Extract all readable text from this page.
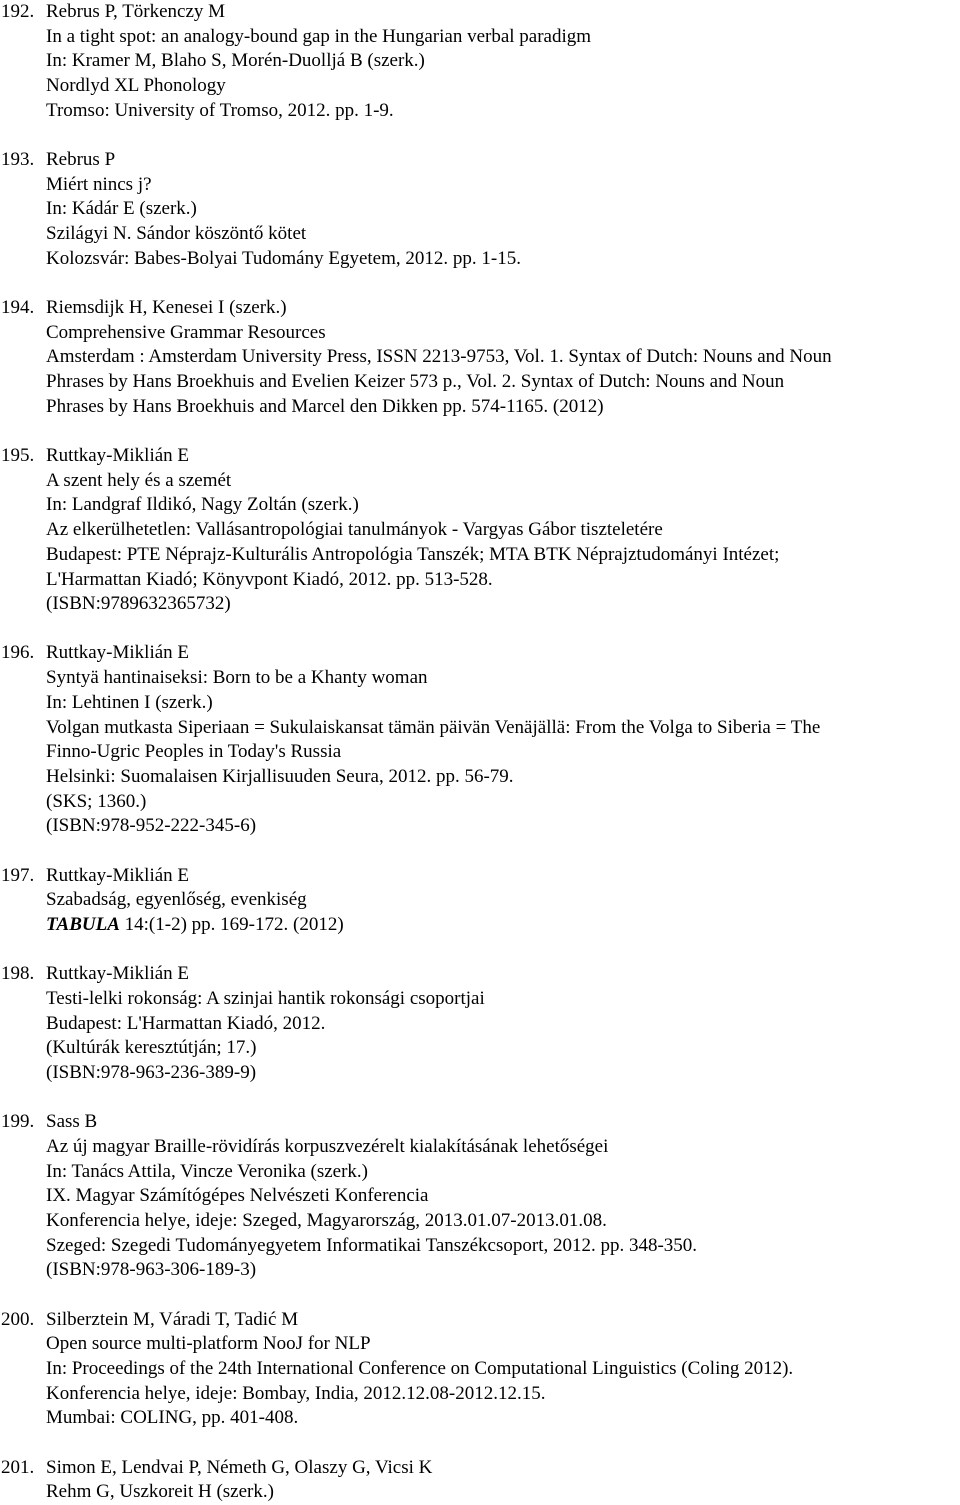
192. Rebrus P, Törkenczy M
In a tight spot: an analogy-bound gap in the Hungarian verbal paradigm
In: Kramer M, Blaho S, Morén-Duolljá B (szerk.)
Nordlyd XL Phonology
Tromso: University of Tromso, 2012. pp. 1-9.
193. Rebrus P
Miért nincs j?
In: Kádár E (szerk.)
Szilágyi N. Sándor köszöntő kötet
Kolozsvár: Babes-Bolyai Tudomány Egyetem, 2012. pp. 1-15.
194. Riemsdijk H, Kenesei I (szerk.)
Comprehensive Grammar Resources
Amsterdam : Amsterdam University Press, ISSN 2213-9753, Vol. 1. Syntax of Dutch: Nouns and Noun
Phrases by Hans Broekhuis and Evelien Keizer 573 p., Vol. 2. Syntax of Dutch: Nouns and Noun
Phrases by Hans Broekhuis and Marcel den Dikken pp. 574-1165. (2012)
195. Ruttkay-Miklián E
A szent hely és a szemét
In: Landgraf Ildikó, Nagy Zoltán (szerk.)
Az elkerülhetetlen: Vallásantropológiai tanulmányok - Vargyas Gábor tiszteletére
Budapest: PTE Néprajz-Kulturális Antropológia Tanszék; MTA BTK Néprajztudományi Intézet;
L'Harmattan Kiadó; Könyvpont Kiadó, 2012. pp. 513-528.
(ISBN:9789632365732)
196. Ruttkay-Miklián E
Syntyä hantinaiseksi: Born to be a Khanty woman
In: Lehtinen I (szerk.)
Volgan mutkasta Siperiaan = Sukulaiskansat tämän päivän Venäjällä: From the Volga to Siberia = The
Finno-Ugric Peoples in Today's Russia
Helsinki: Suomalaisen Kirjallisuuden Seura, 2012. pp. 56-79.
(SKS; 1360.)
(ISBN:978-952-222-345-6)
197. Ruttkay-Miklián E
Szabadság, egyenlőség, evenkiség
TABULA 14:(1-2) pp. 169-172. (2012)
198. Ruttkay-Miklián E
Testi-lelki rokonság: A szinjai hantik rokonsági csoportjai
Budapest: L'Harmattan Kiadó, 2012.
(Kultúrák keresztútján; 17.)
(ISBN:978-963-236-389-9)
199. Sass B
Az új magyar Braille-rövidírás korpuszvezérelt kialakításának lehetőségei
In: Tanács Attila, Vincze Veronika (szerk.)
IX. Magyar Számítógépes Nelvészeti Konferencia
Konferencia helye, ideje: Szeged, Magyarország, 2013.01.07-2013.01.08.
Szeged: Szegedi Tudományegyetem Informatikai Tanszékcsoport, 2012. pp. 348-350.
(ISBN:978-963-306-189-3)
200. Silberztein M, Váradi T, Tadić M
Open source multi-platform NooJ for NLP
In: Proceedings of the 24th International Conference on Computational Linguistics (Coling 2012).
Konferencia helye, ideje: Bombay, India, 2012.12.08-2012.12.15.
Mumbai: COLING, pp. 401-408.
201. Simon E, Lendvai P, Németh G, Olaszy G, Vicsi K
Rehm G, Uszkoreit H (szerk.)
